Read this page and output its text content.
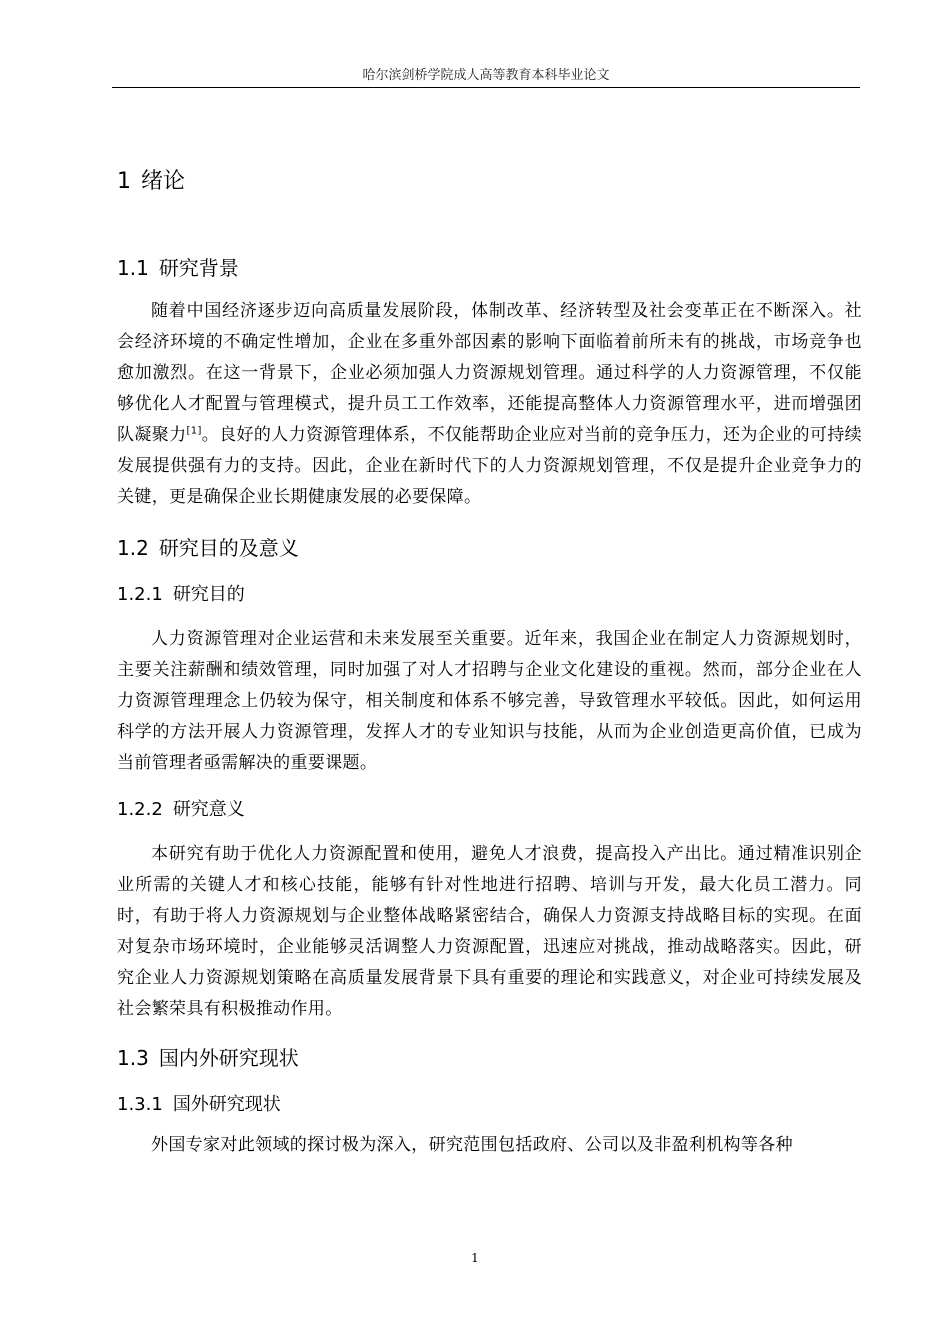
哈尔滨剑桥学院成人高等教育本科毕业论文
1 绪论
1.1 研究背景

随着中国经济逐步迈向高质量发展阶段，体制改革、经济转型及社会变革正在不断深入。社会经济环境的不确定性增加，企业在多重外部因素的影响下面临着前所未有的挑战，市场竞争也愈加激烈。在这一背景下，企业必须加强人力资源规划管理。通过科学的人力资源管理，不仅能够优化人才配置与管理模式，提升员工工作效率，还能提高整体人力资源管理水平，进而增强团队凝聚力[1]。良好的人力资源管理体系，不仅能帮助企业应对当前的竞争压力，还为企业的可持续发展提供强有力的支持。因此，企业在新时代下的人力资源规划管理，不仅是提升企业竞争力的关键，更是确保企业长期健康发展的必要保障。

1.2 研究目的及意义
1.2.1 研究目的

人力资源管理对企业运营和未来发展至关重要。近年来，我国企业在制定人力资源规划时，主要关注薪酬和绩效管理，同时加强了对人才招聘与企业文化建设的重视。然而，部分企业在人力资源管理理念上仍较为保守，相关制度和体系不够完善，导致管理水平较低。因此，如何运用科学的方法开展人力资源管理，发挥人才的专业知识与技能，从而为企业创造更高价值，已成为当前管理者亟需解决的重要课题。

1.2.2 研究意义

本研究有助于优化人力资源配置和使用，避免人才浪费，提高投入产出比。通过精准识别企业所需的关键人才和核心技能，能够有针对性地进行招聘、培训与开发，最大化员工潜力。同时，有助于将人力资源规划与企业整体战略紧密结合，确保人力资源支持战略目标的实现。在面对复杂市场环境时，企业能够灵活调整人力资源配置，迅速应对挑战，推动战略落实。因此，研究企业人力资源规划策略在高质量发展背景下具有重要的理论和实践意义，对企业可持续发展及社会繁荣具有积极推动作用。

1.3 国内外研究现状
1.3.1 国外研究现状

外国专家对此领域的探讨极为深入，研究范围包括政府、公司以及非盈利机构等各种

1
